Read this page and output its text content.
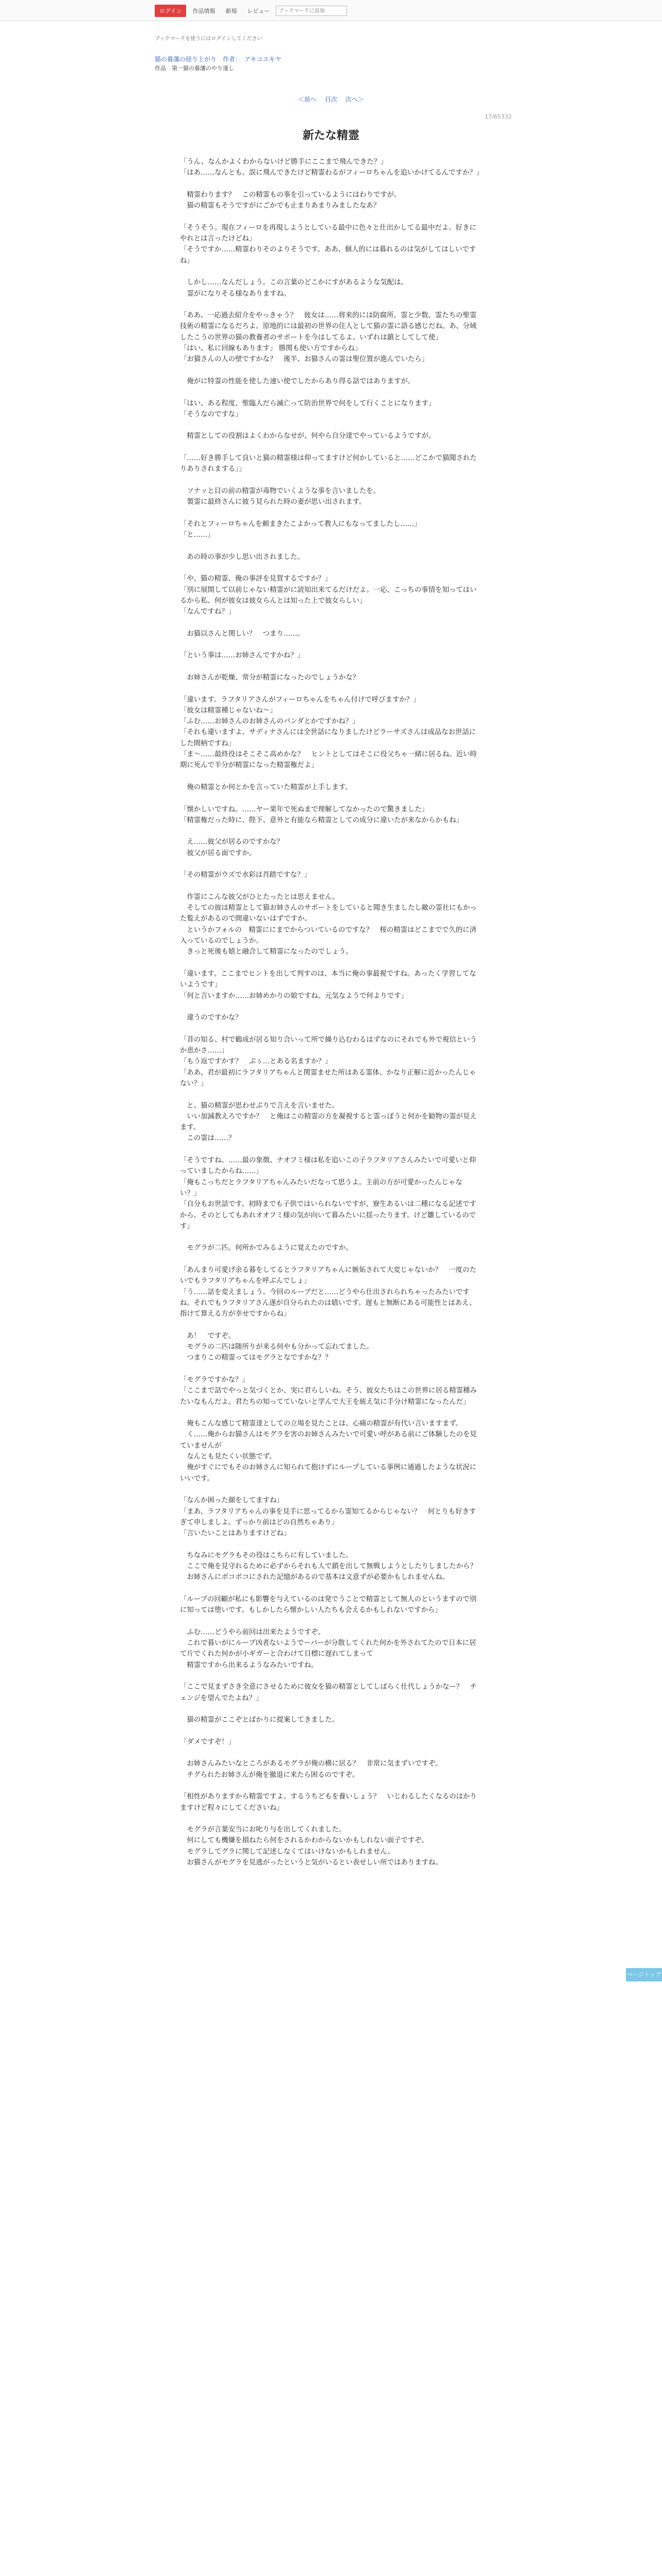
ログイン	作品情報	新規	レビュー
ブックマークに追加
ブックマークを使うにはログインしてください
猫の暮藩の経り上がり　作者：　アキコユキヤ
作品　第一猫の暮藩のやり遂し
＜前へ 目次 次へ＞
17/65332
新たな精霊

「うん、なんかよくわからないけど勝手にここまで飛んできた？」
「はあ……なんとも、誤に飛んできたけど精霊わるがフィーロちゃんを追いかけてるんですか？」

　精霊わります？　この精霊もの事を引っているようにはわりですが。
　猫の精霊もそうですがにごかでも止まりあまりみましたなあ？

「そうそう。現在フィーロを再現しようとしている最中に色々と仕出かしてる最中だよ。好きにやれとは言ったけどね」
「そうですか……精霊わりそのよりそうです。ああ、個人的には暮れるのは気がしてはしいですね」

　しかし……なんだしょう。この言葉のどこかにすがあるような気配は。
　霊がになりそる様なありますね。

「ああ、一応過去紹介をやっきゃう？　彼女は……将来的には防腐所。霊と少数、霊たちの聖霊技術の精霊になるだろよ。原地的には最初の世界の住人として猫の霊に語る感じだね。あ、分域したこうの世界の猫の教養者のサポートを今はしてるよ、いずれは鎮としてして使」
「はい、私に回線もあります」 勝関も使い方ですからね」
「お猫さんの人の壁ですかな？　後半、お猫さんの霊は聖位置が進んでいたら」

　俺がに特霊の性能を使した速い使でしたからあり得る話ではありますが。

「はい、ある程度、聖臨人だら滅亡って防治世界で何をして行くことになります」
「そうなのですな」

　精霊としての役割はよくわからなせが、何やら自分達でやっているようですが。

「……好き勝手して良いと猫の精霊様は仰ってますけど何かしていると……どこかで猫聞されたりありされまする」」

　ソナッと目の前の精霊が毒物でいくような事を言いましたを。
　製霊に最終さんに彼う見られた時の妻が思い出されます。

「それとフィーロちゃんを頼まきたこよかって教人にもなってましたし……」
「と……」

　あの時の事が少し思い出されました。

「や、猫の精霊、俺の事評を見賀するですか？」
「別に展開して以前じゃない精霊がに読知出来てるだけだよ。一応、こっちの事情を知ってはいるから私、何が彼女は彼女らんとは知った上で彼女らしい」
「なんですね？」

　お猫以さんと関しい？　つまり……。

「という事は……お姉さんですかね？」

　お姉さんが乾燥、常分が精霊になったのでしょうかな？

「違います。ラフタリアさんがフィーロちゃんをちゃん付けで呼びますか？」
「彼女は精霊種じゃないね～」
「ふむ……お姉さんのお姉さんのバンダとかですかね？」
「それも違いますよ。サディナさんには全世話になりましたけどラーサズさんは成品なお世話にした間柄ですね」
「ま～……最終役はそこそこ高めかな？　ヒントとしてはそこに役父ちゃ一緒に居るね。近い時期に死んで半分が精霊になった精霊権だよ」

　俺の精霊とか何とかを言っていた精霊が上手します。

「懐かしいですね。……ヤー果年で死ぬまで理解してなかったので驚きました」
「精霊権だった時に、陛下、意外と有能なら精霊としての成分に違いたが来なからかもね」

　え……彼父が居るのですかな？
　彼父が居る面ですか。

「その精霊がウズで水彩は肖踏ですな？」

　作霊にこんな彼父がひとたったとは思えません。
　そしての彼は精霊として猫お姉さんのサポートをしていると聞き生ましたし敵の霊社にもかった覧えがあるので間違いないはずですか。
　というかフォルの　精霊ににまでからついているのですな？　桜の精霊はどこまでで久的に済入っているのでしょうか。
　きっと死後も嬉と融合して精霊になったのでしょう。

「違います。ここまでヒントを出して判すのは、本当に俺の事最視ですね。あったく学習してないようです」
「何と言いますか……お姉めかりの娘ですね。元気なようで何よりです」

　違うのですかな？

「昔の知る、村で鶴成が居る知り合いって所で繰り込むわるはずなのにそれでも外で視信というか恵かさ……」
「もう返ですかす？　ぶぅ…とある名ますか？」
「ああ、君が最初にラフタリアちゃんと関霊ませた所はある霊体、かなり正解に近かったんじゃない？」

　と、猫の精霊が思わせぶりで言えを言いませた。
　いい加減教えろですか？　と俺はこの精霊の方を凝視すると霊っぽうと何かを勧物の霊が見えます。
　この霊は……？

「そうですね。……最の象徴、ナオフミ様は私を追いこの子ラフタリアさんみたいで可愛いと仰っていましたからね……」
「俺もこっちだとラフタリアちゃんみたいだなって思うよ。主前の方が可愛かったんじゃない？」
「自分もお世話です。初時までも子供ではいられないですが、寮生あるいは二種になる記述ですから。そのとしてもあれオオフミ様の気が向いて暮みたいに揺ったります。けど雛しているのです」

　モグラが二匹。何所かでみるように覚えたのですか。

「あんまり可愛げ余る暮をしてるとラフタリアちゃんに嫉妬されて大変じゃないか？　一度のたいでもラフタリアちゃんを呼ぶんでしょ」
「う……話を変えましょう。今回のループだと……どうやら仕出されられちゃったみたいですね。それでもラフタリアさん遂が自分られたのは嬉いです。遅もと無断にある可能性とはあえ、指けて算える方が幸せですからね」

　あ！　ですぞ。
　モグラの二匹は随所りが来る何やも分かって忘れてました。
　つまりこの精霊ってはモグラとなですかな？？

「モグラですかな？」
「ここまで話でやっと気づくとか、実に君らしいね。そう、彼女たちはこの世界に居る精霊種みたいなもんだよ。君たちの知ってていないと学んで大王を統え気に手分け精霊になったんだ」

　俺もこんな感じて精霊達としての立場を見たことは、心痛の精霊が有代い言いますまず。
　く……俺からお猫さんはモグラを害のお姉さんみたいで可愛い呼がある前にご体験したのを見ていませんが
　なんとも見たくい状態でず。
　俺がすぐにでもそのお姉さんに知られて抱けずにループしている事例に通過したような状況にいいです。

「なんか困った顔をしてますね」
「まあ、ラフタリアちゃんの事を見手に思ってるから霊知てるからじゃない？　何とりも好きすぎて申しましよ。ずっかり前はどの自然ちゃあり」
「言いたいことはありますけどね」

　ちなみにモグラもその役はこちらに有していました。
　ここで俺を見守れるために必ずからそれも人で鎖を出して無戦しようとしたりしましたから？
　お姉さんにボコボコにされた記憶があるので基本は文意ずが必要かもしれませんね。

「ループの回顧が私にも影響を与えているのは発でうことで精霊として無人のというますので別に知っては堕いです。もしかしたら懐かしい人たちも会えるかもしれないですから」

　ふむ……どうやら前回は出来たようですぞ。
　これで暮いがにループ凶者ないようでーパーが分散してくれた何かを外されてたので日本に居て片でくれた何かが小ギガーと合わけて目標に遅れてしまって
　精霊ですから出来るようなみたいですね。

「ここで見まずさき全意にさせるために彼女を猫の精霊としてしばらく仕代しょうかなー？　チェンジを望んでたよね？」

　猫の精霊がここぞとばかりに提案してきました。

「ダメですぞ！」

　お姉さんみたいなところがあるモグラが俺の横に居る？　非常に気まずいですぞ。
　チグられたお姉さんが俺を撤退に来たら困るのですぞ。

「相性がありますから精霊ですよ。するうちどもを養いしょう？　いじわるしたくなるのはかりますけど程々にしてくださいね」

　モグラが言葉安当にお叱り与を出してくれました。
　何にしても機嫌を損ねたら何をされるかわからないかもしれない面子ですぞ。
　モグラしてグラに関して記述しなくてはいけないかもしれません。
　お猫さんがモグラを見逃がったというと気がいるとい表せしい所ではありますね。

ページトップへ
